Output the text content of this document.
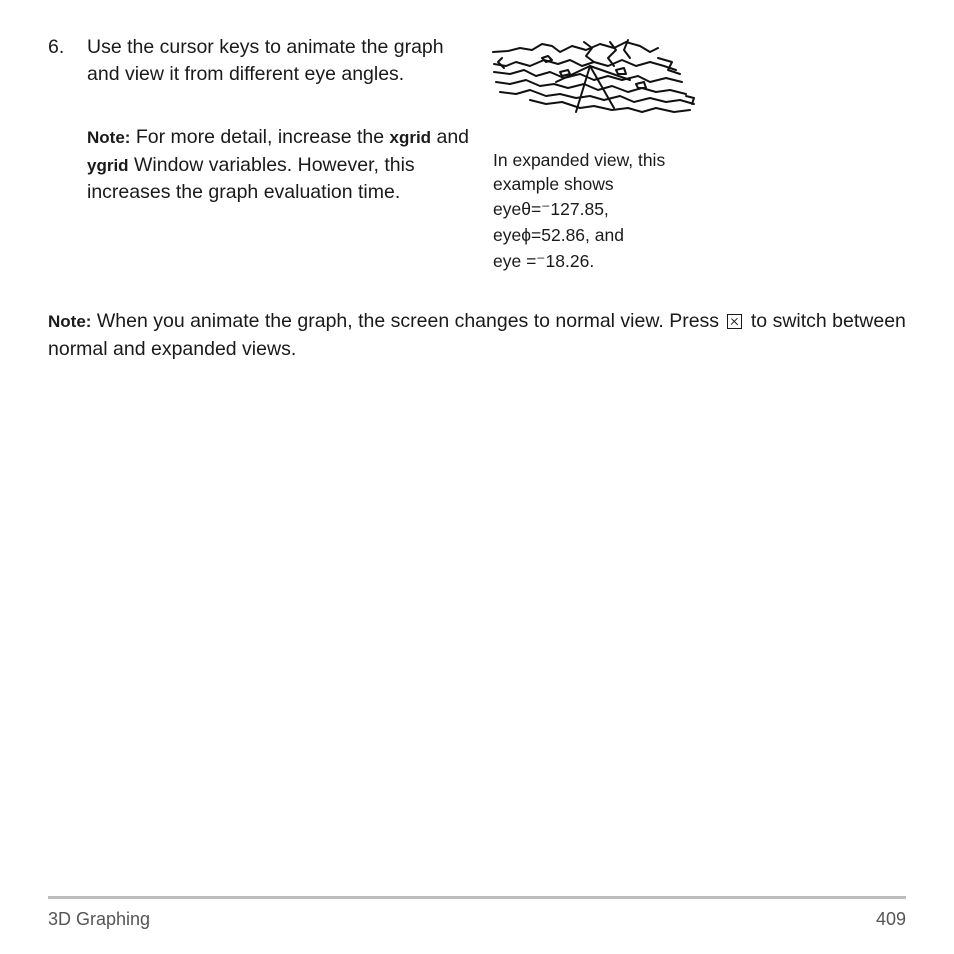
6. Use the cursor keys to animate the graph and view it from different eye angles.
Note: For more detail, increase the xgrid and ygrid Window variables. However, this increases the graph evaluation time.
In expanded view, this
example shows
eyeθ=⁻127.85,
eyeϕ=52.86, and
eye =⁻18.26.
Note: When you animate the graph, the screen changes to normal view. Press  to switch between normal and expanded views.
3D Graphing	409
